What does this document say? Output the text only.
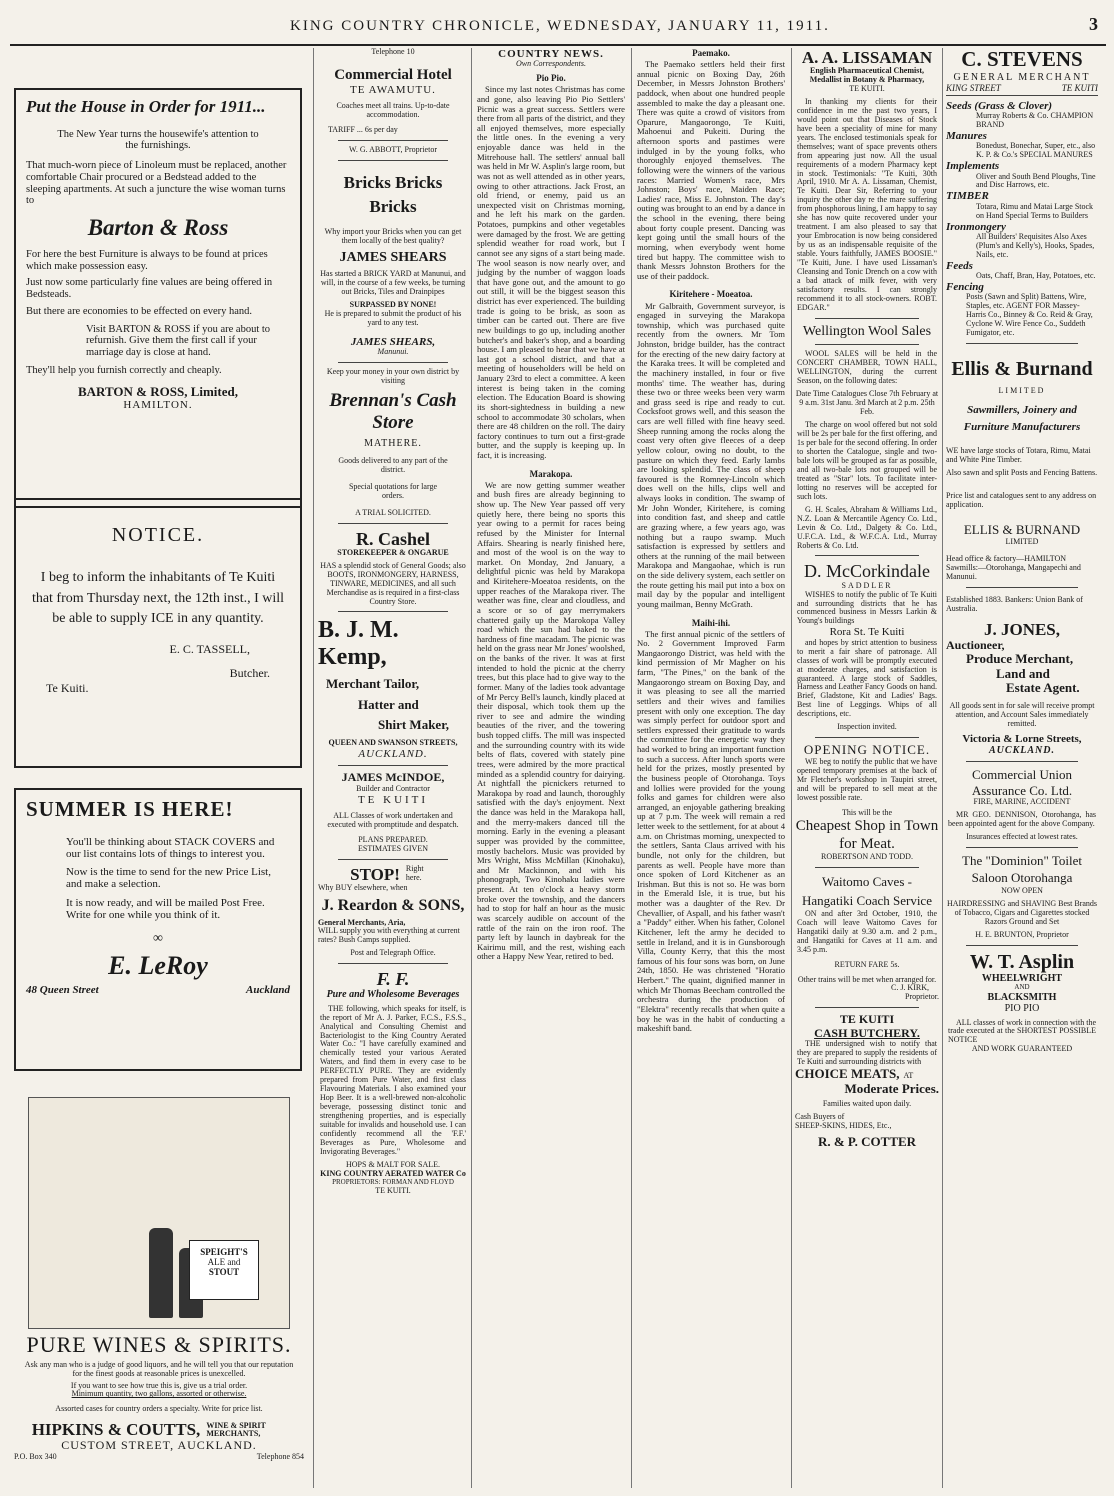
KING COUNTRY CHRONICLE, WEDNESDAY, JANUARY 11, 1911.	3
Put the House in Order for 1911...

The New Year turns the housewife's attention to the furnishings.

That much-worn piece of Linoleum must be replaced, another comfortable Chair procured or a Bedstead added to the sleeping apartments. At such a juncture the wise woman turns to

Barton & Ross

For here the best Furniture is always to be found at prices which make possession easy.

Just now some particularly fine values are being offered in Bedsteads.

But there are economies to be effected on every hand.

Visit BARTON & ROSS if you are about to refurnish. Give them the first call if your marriage day is close at hand.

They'll help you furnish correctly and cheaply.

BARTON & ROSS, Limited,
HAMILTON.
NOTICE.

I beg to inform the inhabitants of Te Kuiti that from Thursday next, the 12th inst., I will be able to supply ICE in any quantity.

E. C. TASSELL,
Butcher.
Te Kuiti.
SUMMER IS HERE!

You'll be thinking about STACK COVERS and our list contains lots of things to interest you.

Now is the time to send for the new Price List, and make a selection.

It is now ready, and will be mailed Post Free. Write for one while you think of it.

∞
E. LeRoy
48 Queen Street	Auckland
SPEIGHT'S
ALE and
STOUT
PURE WINES & SPIRITS.

Ask any man who is a judge of good liquors, and he will tell you that our reputation for the finest goods at reasonable prices is unexcelled.

If you want to see how true this is, give us a trial order.

Minimum quantity, two gallons, assorted or otherwise.

Assorted cases for country orders a specialty. Write for price list.

HIPKINS & COUTTS, WINE & SPIRIT MERCHANTS,
CUSTOM STREET, AUCKLAND.
P.O. Box 340	Telephone 854
Telephone 10
Commercial Hotel
TE AWAMUTU.

Coaches meet all trains. Up-to-date accommodation.

TARIFF ... 6s per day
W. G. ABBOTT, Proprietor
Bricks Bricks Bricks

Why import your Bricks when you can get them locally of the best quality?

JAMES SHEARS

Has started a BRICK YARD at Manunui, and will, in the course of a few weeks, be turning out Bricks, Tiles and Drainpipes

SURPASSED BY NONE!

He is prepared to submit the product of his yard to any test.

JAMES SHEARS,
Manunui.

Keep your money in your own district by visiting

Brennan's Cash Store
MATHERE.

Goods delivered to any part of the district.

Special quotations for large orders.

A TRIAL SOLICITED.
R. Cashel
STOREKEEPER & ONGARUE

HAS a splendid stock of General Goods; also BOOTS, IRONMONGERY, HARNESS, TINWARE, MEDICINES, and all such Merchandise as is required in a first-class Country Store.

B. J. M. Kemp,
Merchant Tailor,
Hatter and
Shirt Maker,
QUEEN AND SWANSON STREETS,
AUCKLAND.
JAMES McINDOE,
Builder and Contractor
TE KUITI

ALL Classes of work undertaken and executed with promptitude and despatch.

PLANS PREPARED.
ESTIMATES GIVEN
STOP! Right here.
Why BUY elsewhere, when
J. Reardon & SONS,
General Merchants, Aria,

WILL supply you with everything at current rates? Bush Camps supplied.

Post and Telegraph Office.
F. F.
Pure and Wholesome Beverages

THE following, which speaks for itself, is the report of Mr A. J. Parker, F.C.S., F.S.S., Analytical and Consulting Chemist and Bacteriologist to the King Country Aerated Water Co.: "I have carefully examined and chemically tested your various Aerated Waters, and find them in every case to be PERFECTLY PURE. They are evidently prepared from Pure Water, and first class Flavouring Materials. I also examined your Hop Beer. It is a well-brewed non-alcoholic beverage, possessing distinct tonic and strengthening properties, and is especially suitable for invalids and household use. I can confidently recommend all the 'F.F.' Beverages as Pure, Wholesome and Invigorating Beverages."

HOPS & MALT FOR SALE.
KING COUNTRY AERATED WATER Co
PROPRIETORS: FORMAN AND FLOYD
TE KUITI.
COUNTRY NEWS.
Own Correspondents.
Pio Pio.

Since my last notes Christmas has come and gone, also leaving Pio Pio Settlers' Picnic was a great success. Settlers were there from all parts of the district, and they all enjoyed themselves, more especially the little ones. In the evening a very enjoyable dance was held in the Mitrehouse hall. The settlers' annual ball was held in Mr W. Asplin's large room, but was not as well attended as in other years, owing to other attractions. Jack Frost, an old friend, or enemy, paid us an unexpected visit on Christmas morning, and he left his mark on the garden. Potatoes, pumpkins and other vegetables were damaged by the frost. We are getting splendid weather for road work, but I cannot see any signs of a start being made. The wool season is now nearly over, and judging by the number of waggon loads that have gone out, and the amount to go out still, it will be the biggest season this district has ever experienced. The building trade is going to be brisk, as soon as timber can be carted out. There are five new buildings to go up, including another butcher's and baker's shop, and a boarding house. I am pleased to hear that we have at last got a school district, and that a meeting of householders will be held on January 23rd to elect a committee. A keen interest is being taken in the coming election. The Education Board is showing its short-sightedness in building a new school to accommodate 30 scholars, when there are 48 children on the roll. The dairy factory continues to turn out a first-grade butter, and the supply is keeping up. In fact, it is increasing.

Marakopa.

We are now getting summer weather and bush fires are already beginning to show up. The New Year passed off very quietly here, there being no sports this year owing to a permit for races being refused by the Minister for Internal Affairs. Shearing is nearly finished here, and most of the wool is on the way to market. On Monday, 2nd January, a delightful picnic was held by Marakopa and Kiritehere-Moeatoa residents, on the upper reaches of the Marakopa river. The weather was fine, clear and cloudless, and a score or so of gay merrymakers chattered gaily up the Marokopa Valley road which the sun had baked to the hardness of fine macadam. The picnic was held on the grass near Mr Jones' woolshed, on the banks of the river. It was at first intended to hold the picnic at the cherry trees, but this place had to give way to the former. Many of the ladies took advantage of Mr Percy Bell's launch, kindly placed at their disposal, which took them up the river to see and admire the winding beauties of the river, and the towering bush topped cliffs. The mill was inspected and the surrounding country with its wide belts of flats, covered with stately pine trees, were admired by the more practical minded as a splendid country for dairying. At nightfall the picnickers returned to Marakopa by road and launch, thoroughly satisfied with the day's enjoyment. Next the dance was held in the Marakopa hall, and the merry-makers danced till the morning. Early in the evening a pleasant supper was provided by the committee, mostly bachelors. Music was provided by Mrs Wright, Miss McMillan (Kinohaku), and Mr Mackinnon, and with his phonograph, Two Kinohaku ladies were present. At ten o'clock a heavy storm broke over the township, and the dancers had to stop for half an hour as the music was scarcely audible on account of the rattle of the rain on the iron roof. The party left by launch in daybreak for the Kairimu mill, and the rest, wishing each other a Happy New Year, retired to bed.

Paemako.

The Paemako settlers held their first annual picnic on Boxing Day, 26th December, in Messrs Johnston Brothers' paddock, when about one hundred people assembled to make the day a pleasant one. There was quite a crowd of visitors from Oparure, Mangaorongo, Te Kuiti, Mahoenui and Pukeiti. During the afternoon sports and pastimes were indulged in by the young folks, who thoroughly enjoyed themselves. The following were the winners of the various races: Married Women's race, Mrs Johnston; Boys' race, Maiden Race; Ladies' race, Miss E. Johnston. The day's outing was brought to an end by a dance in the school in the evening, there being about forty couple present. Dancing was kept going until the small hours of the morning, when everybody went home tired but happy. The committee wish to thank Messrs Johnston Brothers for the use of their paddock.

Kiritehere - Moeatoa.

Mr Galbraith, Government surveyor, is engaged in surveying the Marakopa township, which was purchased quite recently from the owners. Mr Tom Johnston, bridge builder, has the contract for the erecting of the new dairy factory at the Karaka trees. It will be completed and the machinery installed, in four or five months' time. The weather has, during these two or three weeks been very warm and grass seed is ripe and ready to cut. Cocksfoot grows well, and this season the cars are well filled with fine heavy seed. Sheep running among the rocks along the coast very often give fleeces of a deep yellow colour, owing no doubt, to the pasture on which they feed. Early lambs are looking splendid. The class of sheep favoured is the Romney-Lincoln which does well on the hills, clips well and always looks in condition. The swamp of Mr John Wonder, Kiritehere, is coming into condition fast, and sheep and cattle are grazing where, a few years ago, was nothing but a raupo swamp. Much satisfaction is expressed by settlers and others at the running of the mail between Marakopa and Mangaohae, which is run on the side delivery system, each settler on the route getting his mail put into a box on mail day by the popular and intelligent young mailman, Benny McGrath.

Maihi-ihi.

The first annual picnic of the settlers of No. 2 Government Improved Farm Mangaorongo District, was held with the kind permission of Mr Magher on his farm, "The Pines," on the bank of the Mangaorongo stream on Boxing Day, and it was pleasing to see all the married settlers and their wives and families present with only one exception. The day was simply perfect for outdoor sport and settlers expressed their gratitude to wards the committee for the energetic way they had worked to bring an important function to such a success. After lunch sports were held for the prizes, mostly presented by the business people of Otorohanga. Toys and lollies were provided for the young folks and games for children were also arranged, an enjoyable gathering breaking up at 7 p.m. The week will remain a red letter week to the settlement, for at about 4 a.m. on Christmas morning, unexpected to the settlers, Santa Claus arrived with his bundle, not only for the children, but parents as well. People have more than once spoken of Lord Kitchener as an Irishman. But this is not so. He was born in the Emerald Isle, it is true, but his mother was a daughter of the Rev. Dr Chevallier, of Aspall, and his father wasn't a "Paddy" either. When his father, Colonel Kitchener, left the army he decided to settle in Ireland, and it is in Gunsborough Villa, County Kerry, that this the most famous of his four sons was born, on June 24th, 1850. He was christened "Horatio Herbert." The quaint, dignified manner in which Mr Thomas Beecham controlled the orchestra during the production of "Elektra" recently recalls that when quite a boy he was in the habit of conducting a makeshift band.

A. A. LISSAMAN
English Pharmaceutical Chemist, Medallist in Botany & Pharmacy,
TE KUITI.

In thanking my clients for their confidence in me the past two years, I would point out that Diseases of Stock have been a speciality of mine for many years. The enclosed testimonials speak for themselves; want of space prevents others from appearing just now. All the usual requirements of a modern Pharmacy kept in stock. Testimonials: "Te Kuiti, 30th April, 1910. Mr A. A. Lissaman, Chemist, Te Kuiti. Dear Sir, Referring to your inquiry the other day re the mare suffering from phosphorous lining, I am happy to say she has now quite recovered under your treatment. I am also pleased to say that your Embrocation is now being considered by us as an indispensable requisite of the stable. Yours faithfully, JAMES BOOSIE." "Te Kuiti, June. I have used Lissaman's Cleansing and Tonic Drench on a cow with a bad attack of milk fever, with very satisfactory results. I can strongly recommend it to all stock-owners. ROBT. EDGAR."

Wellington Wool Sales

WOOL SALES will be held in the CONCERT CHAMBER, TOWN HALL, WELLINGTON, during the current Season, on the following dates:

Date Time Catalogues Close 7th February at 9 a.m. 31st Janu. 3rd March at 2 p.m. 25th Feb.

The charge on wool offered but not sold will be 2s per bale for the first offering, and 1s per bale for the second offering. In order to shorten the Catalogue, single and two-bale lots will be grouped as far as possible, and all two-bale lots not grouped will be treated as "Star" lots. To facilitate inter-lotting no reserves will be accepted for such lots.

G. H. Scales, Abraham & Williams Ltd., N.Z. Loan & Mercantile Agency Co. Ltd., Levin & Co. Ltd., Dalgety & Co. Ltd., U.F.C.A. Ltd., & W.F.C.A. Ltd., Murray Roberts & Co. Ltd.

D. McCorkindale
SADDLER

WISHES to notify the public of Te Kuiti and surrounding districts that he has commenced business in Messrs Larkin & Young's buildings

Rora St. Te Kuiti

and hopes by strict attention to business to merit a fair share of patronage. All classes of work will be promptly executed at moderate charges, and satisfaction is guaranteed. A large stock of Saddles, Harness and Leather Fancy Goods on hand. Brief, Gladstone, Kit and Ladies' Bags. Best line of Leggings. Whips of all descriptions, etc.

Inspection invited.
OPENING NOTICE.

WE beg to notify the public that we have opened temporary premises at the back of Mr Fletcher's workshop in Taupiri street, and will be prepared to sell meat at the lowest possible rate.

This will be the
Cheapest Shop in Town for Meat.
ROBERTSON AND TODD.
Waitomo Caves - Hangatiki Coach Service

ON and after 3rd October, 1910, the Coach will leave Waitomo Caves for Hangatiki daily at 9.30 a.m. and 2 p.m., and Hangatiki for Caves at 11 a.m. and 3.45 p.m.

RETURN FARE 5s.

Other trains will be met when arranged for.

C. J. KIRK,
Proprietor.
TE KUITI
CASH BUTCHERY.

THE undersigned wish to notify that they are prepared to supply the residents of Te Kuiti and surrounding districts with

CHOICE MEATS, AT
Moderate Prices.
Families waited upon daily.
Cash Buyers of
SHEEP-SKINS, HIDES, Etc.,
R. & P. COTTER
C. STEVENS
GENERAL MERCHANT
KING STREET	TE KUITI
Seeds (Grass & Clover)
Murray Roberts & Co. CHAMPION BRAND
Manures
Bonedust, Bonechar, Super, etc., also K. P. & Co.'s SPECIAL MANURES
Implements
Oliver and South Bend Ploughs, Tine and Disc Harrows, etc.
TIMBER
Totara, Rimu and Matai Large Stock on Hand Special Terms to Builders
Ironmongery
All Builders' Requisites Also Axes (Plum's and Kelly's), Hooks, Spades, Nails, etc.
Feeds
Oats, Chaff, Bran, Hay, Potatoes, etc.
Fencing
Posts (Sawn and Split) Battens, Wire, Staples, etc. AGENT FOR Massey-Harris Co., Binney & Co. Reid & Gray, Cyclone W. Wire Fence Co., Suddeth Fumigator, etc.
Ellis & Burnand
LIMITED
Sawmillers, Joinery and Furniture Manufacturers

WE have large stocks of Totara, Rimu, Matai and White Pine Timber.

Also sawn and split Posts and Fencing Battens.

Price list and catalogues sent to any address on application.

ELLIS & BURNAND
LIMITED
Head office & factory—HAMILTON
Sawmills:—Otorohanga, Mangapechi and Manunui.
Established 1883. Bankers: Union Bank of Australia.
J. JONES,
Auctioneer,
Produce Merchant,
Land and
Estate Agent.

All goods sent in for sale will receive prompt attention, and Account Sales immediately remitted.

Victoria & Lorne Streets,
AUCKLAND.
Commercial Union Assurance Co. Ltd.
FIRE, MARINE, ACCIDENT

MR GEO. DENNISON, Otorohanga, has been appointed agent for the above Company.

Insurances effected at lowest rates.
The "Dominion" Toilet Saloon Otorohanga
NOW OPEN

HAIRDRESSING and SHAVING Best Brands of Tobacco, Cigars and Cigarettes stocked

Razors Ground and Set
H. E. BRUNTON, Proprietor
W. T. Asplin
WHEELWRIGHT
AND
BLACKSMITH
PIO PIO

ALL classes of work in connection with the trade executed at the SHORTEST POSSIBLE NOTICE

AND WORK GUARANTEED
